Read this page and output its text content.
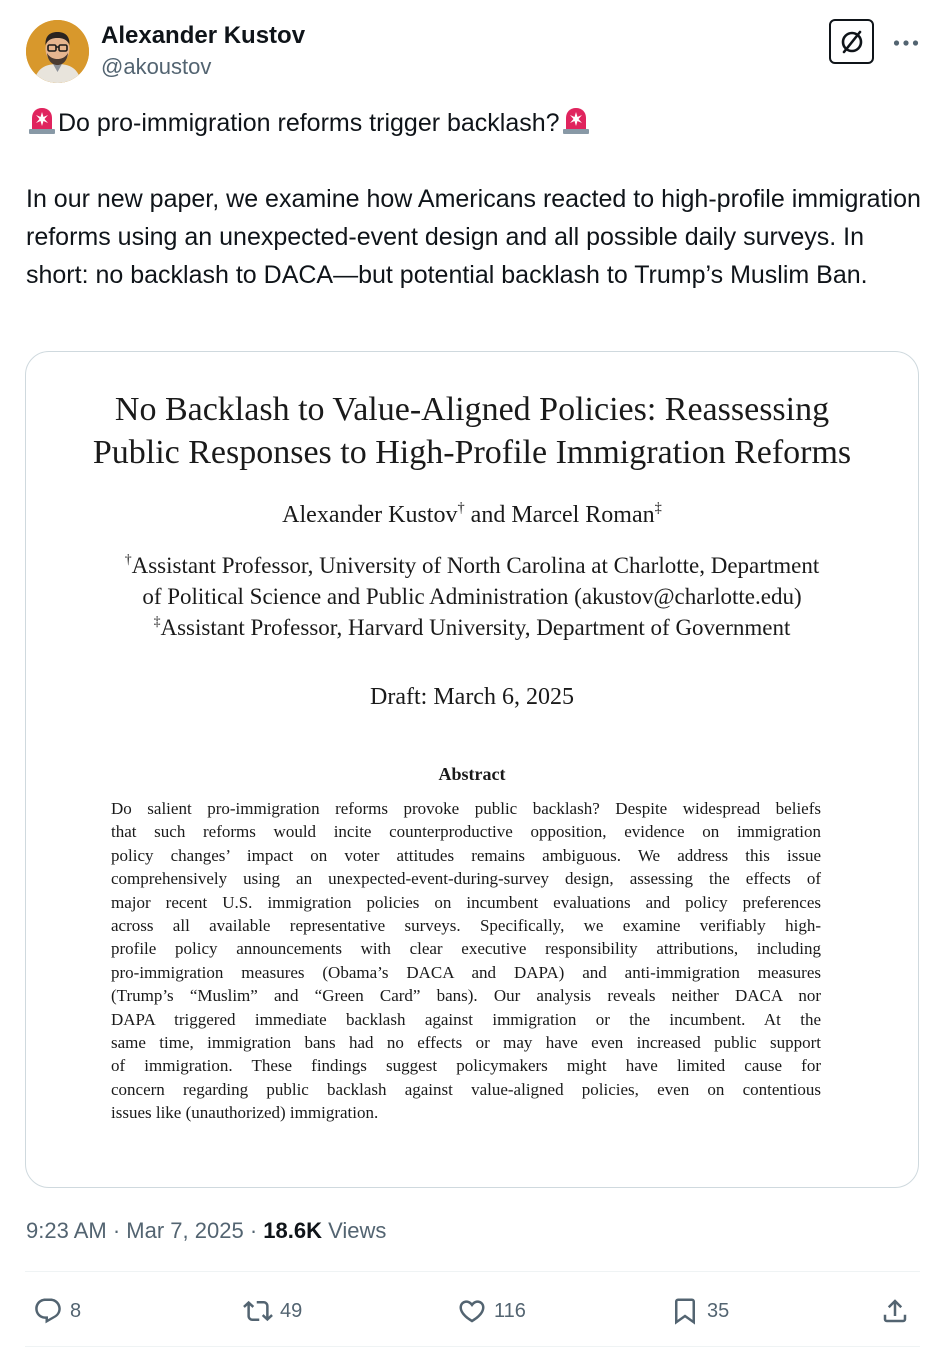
Alexander Kustov
@akoustov

Do pro-immigration reforms trigger backlash?

In our new paper, we examine how Americans reacted to high-profile immigration reforms using an unexpected-event design and all possible daily surveys. In short: no backlash to DACA—but potential backlash to Trump’s Muslim Ban.

No Backlash to Value-Aligned Policies: Reassessing
Public Responses to High-Profile Immigration Reforms
Alexander Kustov† and Marcel Roman‡
†Assistant Professor, University of North Carolina at Charlotte, Department
of Political Science and Public Administration (akustov@charlotte.edu)
‡Assistant Professor, Harvard University, Department of Government
Draft: March 6, 2025
Abstract
Do salient pro-immigration reforms provoke public backlash? Despite widespread beliefs
that such reforms would incite counterproductive opposition, evidence on immigration
policy changes’ impact on voter attitudes remains ambiguous. We address this issue
comprehensively using an unexpected-event-during-survey design, assessing the effects of
major recent U.S. immigration policies on incumbent evaluations and policy preferences
across all available representative surveys. Specifically, we examine verifiably high-
profile policy announcements with clear executive responsibility attributions, including
pro-immigration measures (Obama’s DACA and DAPA) and anti-immigration measures
(Trump’s “Muslim” and “Green Card” bans). Our analysis reveals neither DACA nor
DAPA triggered immediate backlash against immigration or the incumbent. At the
same time, immigration bans had no effects or may have even increased public support
of immigration. These findings suggest policymakers might have limited cause for
concern regarding public backlash against value-aligned policies, even on contentious
issues like (unauthorized) immigration.
9:23 AM · Mar 7, 2025 · 18.6K Views
8	49	116	35
